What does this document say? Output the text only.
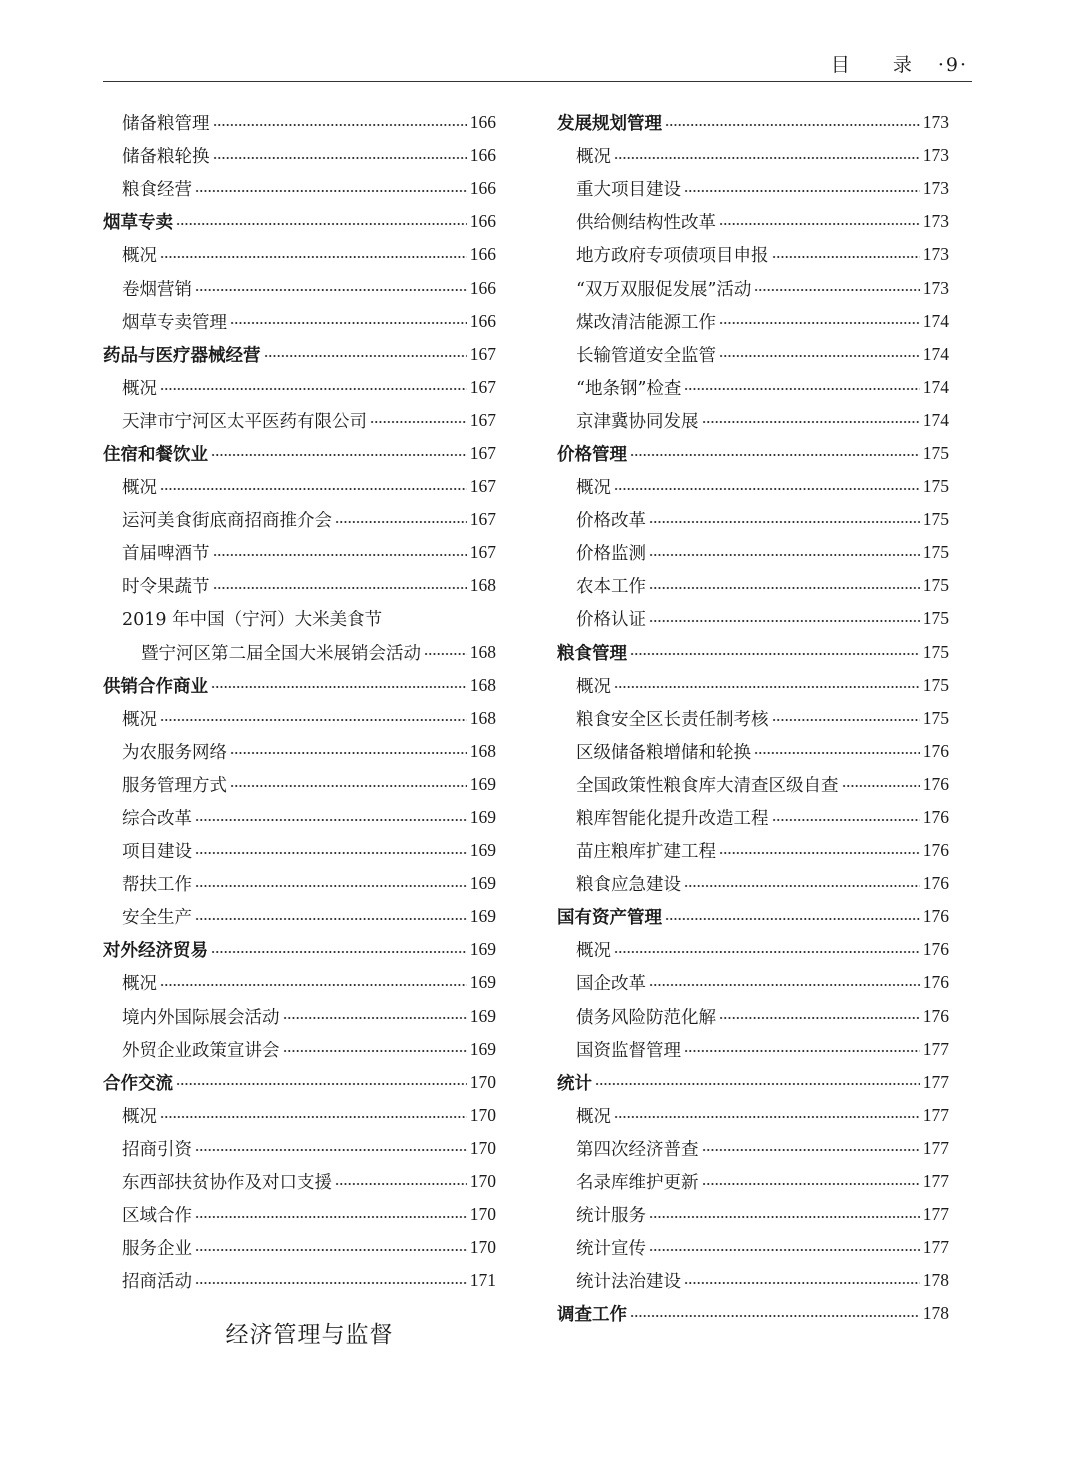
目　录 ·9·
储备粮管理	166
储备粮轮换	166
粮食经营	166
烟草专卖	166
概况	166
卷烟营销	166
烟草专卖管理	166
药品与医疗器械经营	167
概况	167
天津市宁河区太平医药有限公司	167
住宿和餐饮业	167
概况	167
运河美食街底商招商推介会	167
首届啤酒节	167
时令果蔬节	168
2019 年中国（宁河）大米美食节
暨宁河区第二届全国大米展销会活动	168
供销合作商业	168
概况	168
为农服务网络	168
服务管理方式	169
综合改革	169
项目建设	169
帮扶工作	169
安全生产	169
对外经济贸易	169
概况	169
境内外国际展会活动	169
外贸企业政策宣讲会	169
合作交流	170
概况	170
招商引资	170
东西部扶贫协作及对口支援	170
区域合作	170
服务企业	170
招商活动	171
发展规划管理	173
概况	173
重大项目建设	173
供给侧结构性改革	173
地方政府专项债项目申报	173
“双万双服促发展”活动	173
煤改清洁能源工作	174
长输管道安全监管	174
“地条钢”检查	174
京津冀协同发展	174
价格管理	175
概况	175
价格改革	175
价格监测	175
农本工作	175
价格认证	175
粮食管理	175
概况	175
粮食安全区长责任制考核	175
区级储备粮增储和轮换	176
全国政策性粮食库大清查区级自查	176
粮库智能化提升改造工程	176
苗庄粮库扩建工程	176
粮食应急建设	176
国有资产管理	176
概况	176
国企改革	176
债务风险防范化解	176
国资监督管理	177
统计	177
概况	177
第四次经济普查	177
名录库维护更新	177
统计服务	177
统计宣传	177
统计法治建设	178
调查工作	178
经济管理与监督
